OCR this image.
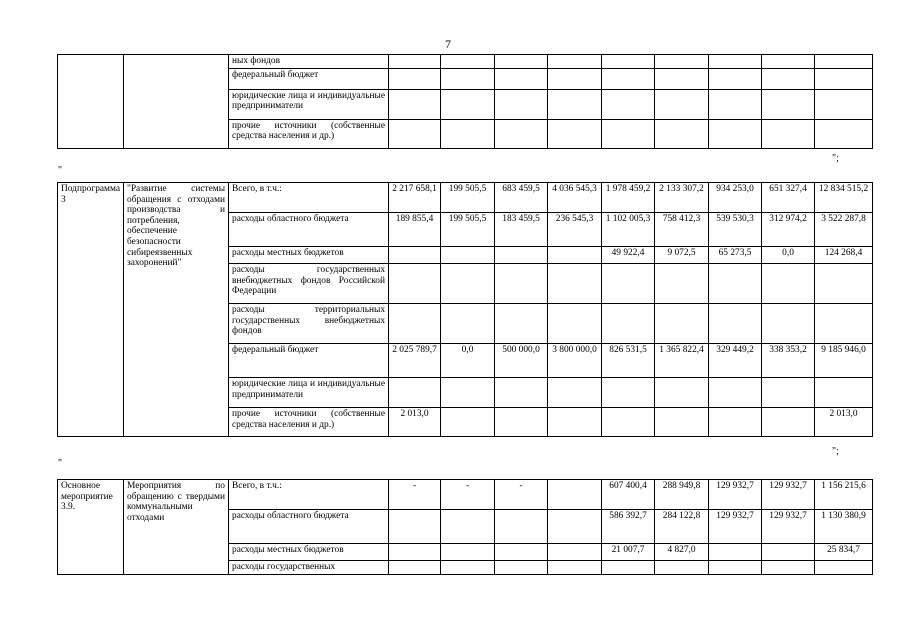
7
		ных фондов									
		федеральный бюджет									
		юридические лица и индивидуальные предприниматели									
		прочие источники (собственные средства населения и др.)									
"
";
Подпрограмма 3	"Развитие системы обращения с отходами производства и потребления, обеспечение безопасности сибиреязвенных захоронений"	Всего, в т.ч.:	2 217 658,1	199 505,5	683 459,5	4 036 545,3	1 978 459,2	2 133 307,2	934 253,0	651 327,4	12 834 515,2
		расходы областного бюджета	189 855,4	199 505,5	183 459,5	236 545,3	1 102 005,3	758 412,3	539 530,3	312 974,2	3 522 287,8
		расходы местных бюджетов					49 922,4	9 072,5	65 273,5	0,0	124 268,4
		расходы государственных внебюджетных фондов Российской Федерации									
		расходы территориальных государственных внебюджетных фондов									
		федеральный бюджет	2 025 789,7	0,0	500 000,0	3 800 000,0	826 531,5	1 365 822,4	329 449,2	338 353,2	9 185 946,0
		юридические лица и индивидуальные предприниматели									
		прочие источники (собственные средства населения и др.)	2 013,0								2 013,0
"
";
Основное мероприятие 3.9.	Мероприятия по обращению с твердыми коммунальными отходами	Всего, в т.ч.:	-	-	-		607 400,4	288 949,8	129 932,7	129 932,7	1 156 215,6
		расходы областного бюджета					586 392,7	284 122,8	129 932,7	129 932,7	1 130 380,9
		расходы местных бюджетов					21 007,7	4 827,0			25 834,7
		расходы государственных									
